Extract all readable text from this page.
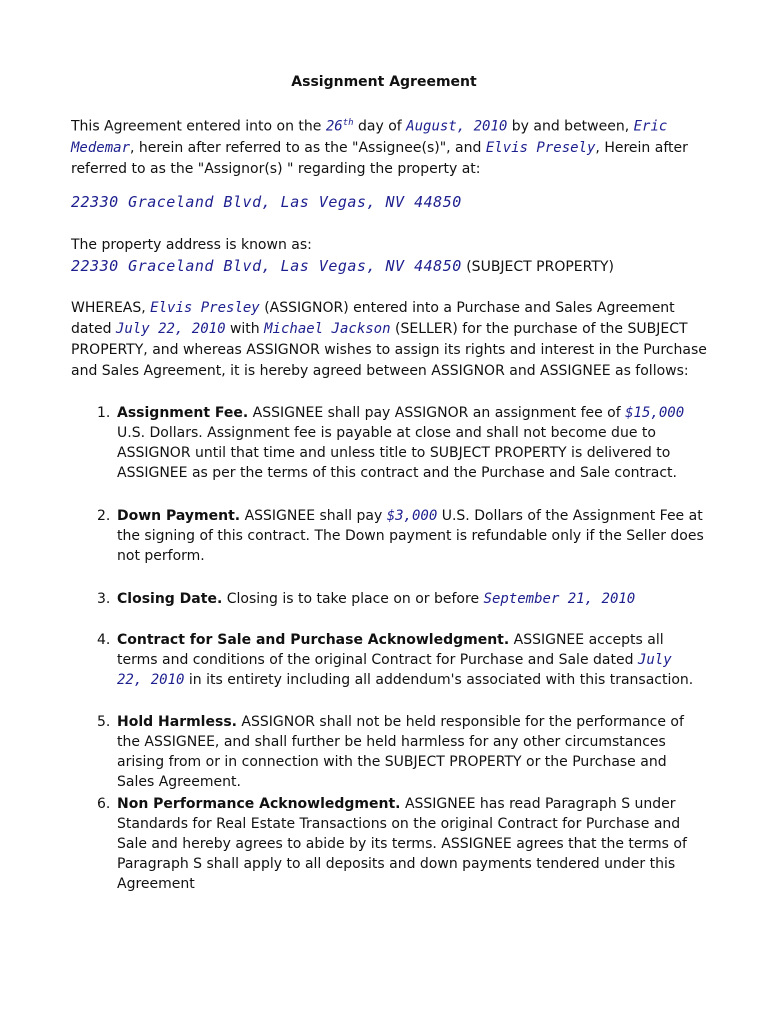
Assignment Agreement
This Agreement entered into on the 26th day of August, 2010 by and between, Eric Medemar, herein after referred to as the "Assignee(s)", and Elvis Presely, Herein after referred to as the "Assignor(s) " regarding the property at:
22330 Graceland Blvd, Las Vegas, NV 44850
The property address is known as:
22330 Graceland Blvd, Las Vegas, NV 44850 (SUBJECT PROPERTY)
WHEREAS, Elvis Presley (ASSIGNOR) entered into a Purchase and Sales Agreement dated July 22, 2010 with Michael Jackson (SELLER) for the purchase of the SUBJECT PROPERTY, and whereas ASSIGNOR wishes to assign its rights and interest in the Purchase and Sales Agreement, it is hereby agreed between ASSIGNOR and ASSIGNEE as follows:
1. Assignment Fee. ASSIGNEE shall pay ASSIGNOR an assignment fee of $15,000 U.S. Dollars. Assignment fee is payable at close and shall not become due to ASSIGNOR until that time and unless title to SUBJECT PROPERTY is delivered to ASSIGNEE as per the terms of this contract and the Purchase and Sale contract.
2. Down Payment. ASSIGNEE shall pay $3,000 U.S. Dollars of the Assignment Fee at the signing of this contract. The Down payment is refundable only if the Seller does not perform.
3. Closing Date. Closing is to take place on or before September 21, 2010
4. Contract for Sale and Purchase Acknowledgment. ASSIGNEE accepts all terms and conditions of the original Contract for Purchase and Sale dated July 22, 2010 in its entirety including all addendum's associated with this transaction.
5. Hold Harmless. ASSIGNOR shall not be held responsible for the performance of the ASSIGNEE, and shall further be held harmless for any other circumstances arising from or in connection with the SUBJECT PROPERTY or the Purchase and Sales Agreement.
6. Non Performance Acknowledgment. ASSIGNEE has read Paragraph S under Standards for Real Estate Transactions on the original Contract for Purchase and Sale and hereby agrees to abide by its terms. ASSIGNEE agrees that the terms of Paragraph S shall apply to all deposits and down payments tendered under this Agreement
